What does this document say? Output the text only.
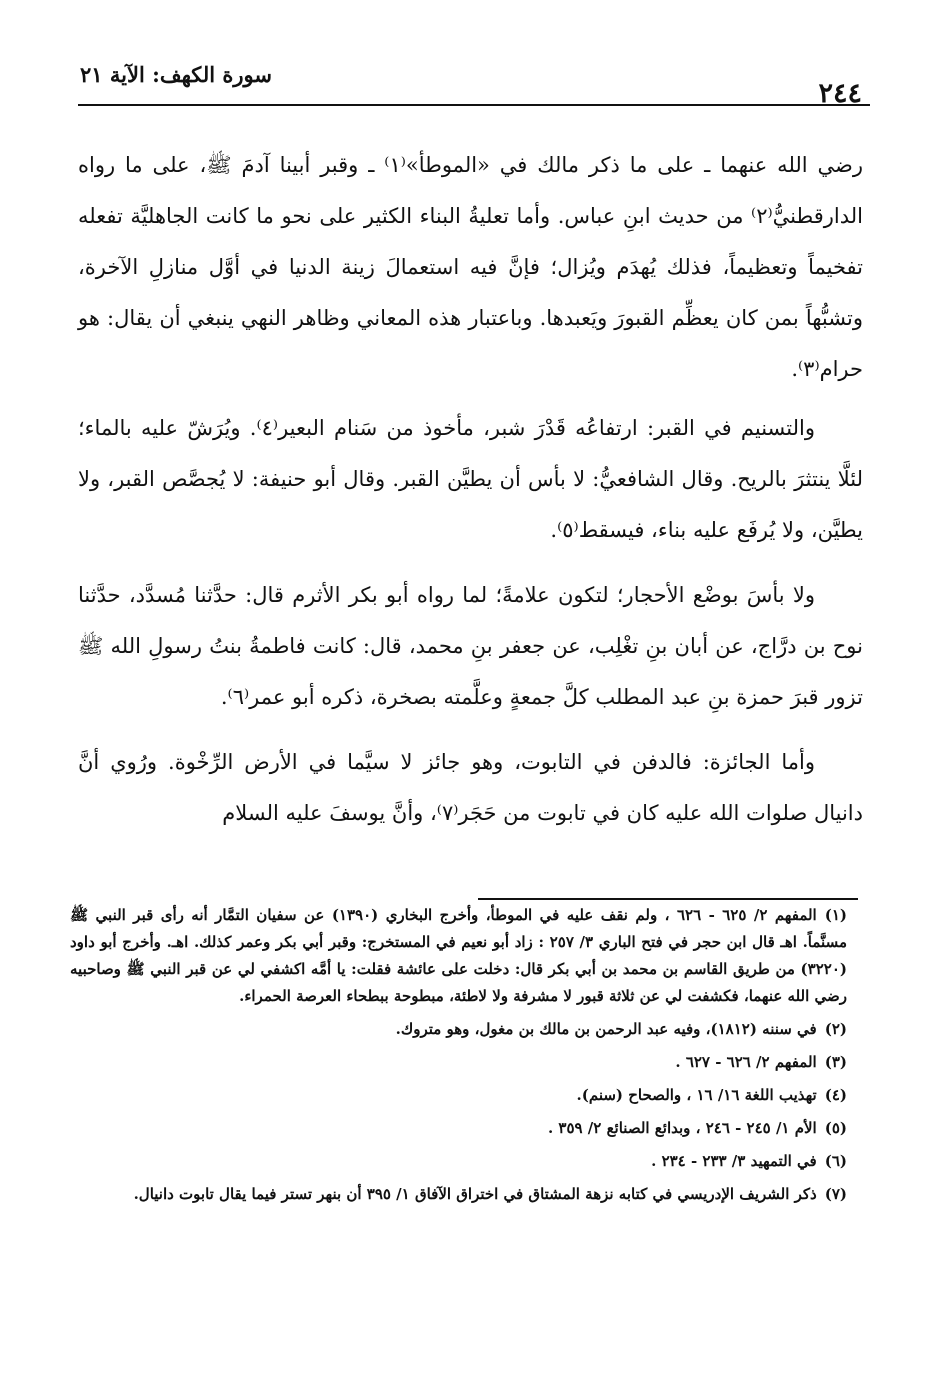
٢٤٤
سورة الكهف: الآية ٢١

رضي الله عنهما ـ على ما ذكر مالك في «الموطأ»⁽١⁾ ـ وقبر أبينا آدمَ ﷺ، على ما رواه الدارقطنيُّ⁽٢⁾ من حديث ابنِ عباس. وأما تعليةُ البناء الكثير على نحو ما كانت الجاهليَّة تفعله تفخيماً وتعظيماً، فذلك يُهدَم ويُزال؛ فإنَّ فيه استعمالَ زينة الدنيا في أوَّل منازلِ الآخرة، وتشبُّهاً بمن كان يعظِّم القبورَ ويَعبدها. وباعتبار هذه المعاني وظاهر النهي ينبغي أن يقال: هو حرام⁽٣⁾.

والتسنيم في القبر: ارتفاعُه قَدْرَ شبر، مأخوذ من سَنام البعير⁽٤⁾. ويُرَشّ عليه بالماء؛ لئلَّا ينتثرَ بالريح. وقال الشافعيُّ: لا بأس أن يطيَّن القبر. وقال أبو حنيفة: لا يُجصَّص القبر، ولا يطيَّن، ولا يُرفَع عليه بناء، فيسقط⁽٥⁾.

ولا بأسَ بوضْع الأحجار؛ لتكون علامةً؛ لما رواه أبو بكر الأثرم قال: حدَّثنا مُسدَّد، حدَّثنا نوح بن درَّاج، عن أبان بنِ تغْلِب، عن جعفر بنِ محمد، قال: كانت فاطمةُ بنتُ رسولِ الله ﷺ تزور قبرَ حمزة بنِ عبد المطلب كلَّ جمعةٍ وعلَّمته بصخرة، ذكره أبو عمر⁽٦⁾.

وأما الجائزة: فالدفن في التابوت، وهو جائز لا سيَّما في الأرض الرِّخْوة. ورُوي أنَّ دانيال صلوات الله عليه كان في تابوت من حَجَر⁽٧⁾، وأنَّ يوسفَ عليه السلام

(١)المفهم ٢/ ٦٢٥ - ٦٢٦ ، ولم نقف عليه في الموطأ، وأخرج البخاري (١٣٩٠) عن سفيان التمَّار أنه رأى قبر النبي ﷺ مسنَّماً. اهـ قال ابن حجر في فتح الباري ٣/ ٢٥٧ : زاد أبو نعيم في المستخرج: وقبر أبي بكر وعمر كذلك. اهـ. وأخرج أبو داود (٣٢٢٠) من طريق القاسم بن محمد بن أبي بكر قال: دخلت على عائشة فقلت: يا أمَّه اكشفي لي عن قبر النبي ﷺ وصاحبيه رضي الله عنهما، فكشفت لي عن ثلاثة قبور لا مشرفة ولا لاطئة، مبطوحة ببطحاء العرصة الحمراء.

(٢)في سننه (١٨١٢)، وفيه عبد الرحمن بن مالك بن مغول، وهو متروك.

(٣)المفهم ٢/ ٦٢٦ - ٦٢٧ .

(٤)تهذيب اللغة ١٦/ ١٦ ، والصحاح (سنم).

(٥)الأم ١/ ٢٤٥ - ٢٤٦ ، وبدائع الصنائع ٢/ ٣٥٩ .

(٦)في التمهيد ٣/ ٢٣٣ - ٢٣٤ .

(٧)ذكر الشريف الإدريسي في كتابه نزهة المشتاق في اختراق الآفاق ١/ ٣٩٥ أن بنهر تستر فيما يقال تابوت دانيال.
